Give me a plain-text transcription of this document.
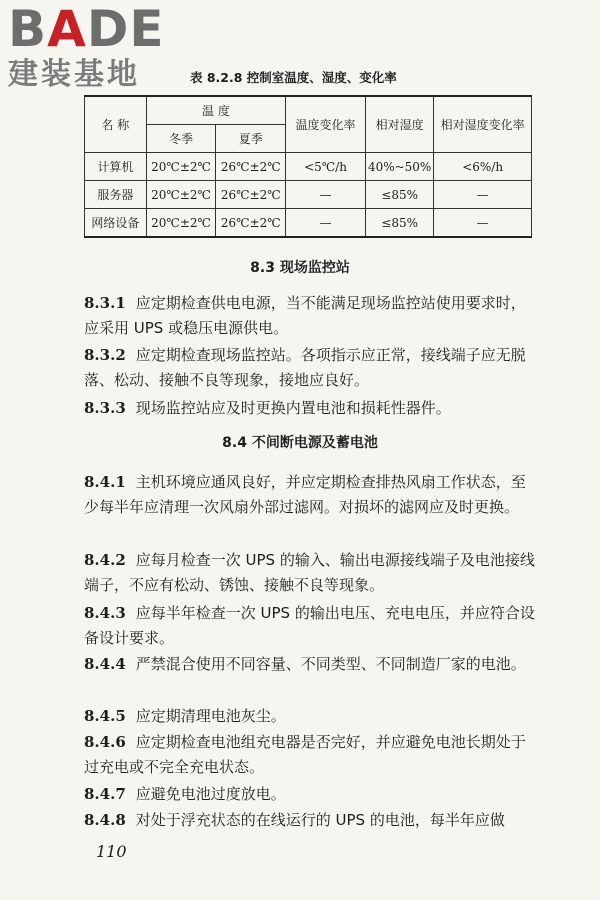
BADE
建装基地	表 8.2.8 控制室温度、湿度、变化率
名 称	温 度		温度变化率	相对湿度	相对湿度变化率
	冬季	夏季			
计算机	20℃±2℃	26℃±2℃	<5℃/h	40%~50%	<6%/h
服务器	20℃±2℃	26℃±2℃	—	≤85%	—
网络设备	20℃±2℃	26℃±2℃	—	≤85%	—
8.3 现场监控站
8.3.1 应定期检查供电电源，当不能满足现场监控站使用要求时，应采用 UPS 或稳压电源供电。
8.3.2 应定期检查现场监控站。各项指示应正常，接线端子应无脱落、松动、接触不良等现象，接地应良好。
8.3.3 现场监控站应及时更换内置电池和损耗性器件。
8.4 不间断电源及蓄电池
8.4.1 主机环境应通风良好，并应定期检查排热风扇工作状态，至少每半年应清理一次风扇外部过滤网。对损坏的滤网应及时更换。
8.4.2 应每月检查一次 UPS 的输入、输出电源接线端子及电池接线端子，不应有松动、锈蚀、接触不良等现象。
8.4.3 应每半年检查一次 UPS 的输出电压、充电电压，并应符合设备设计要求。
8.4.4 严禁混合使用不同容量、不同类型、不同制造厂家的电池。
8.4.5 应定期清理电池灰尘。
8.4.6 应定期检查电池组充电器是否完好，并应避免电池长期处于过充电或不完全充电状态。
8.4.7 应避免电池过度放电。
8.4.8 对处于浮充状态的在线运行的 UPS 的电池，每半年应做
110
